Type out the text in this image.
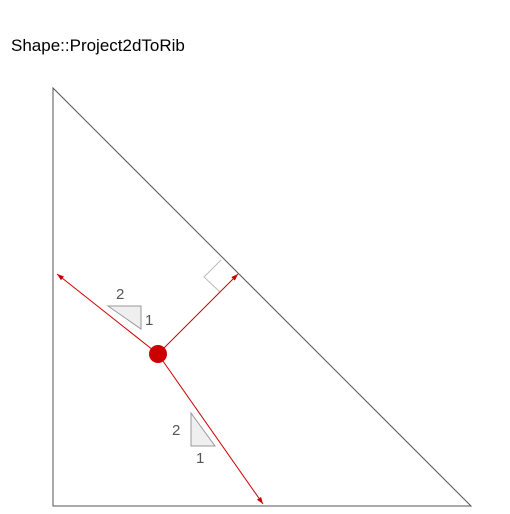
Shape::Project2dToRib
2
1
2
1
